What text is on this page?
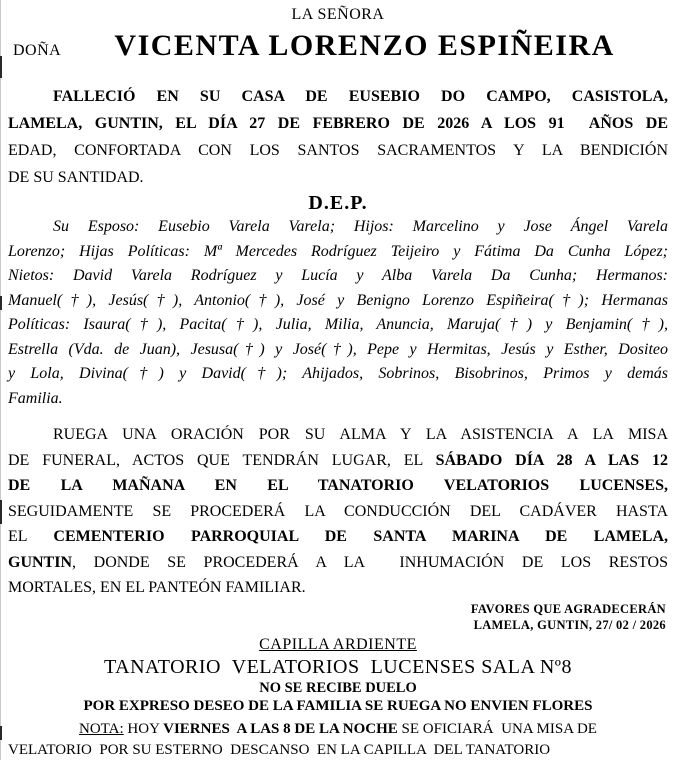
LA SEÑORA
DOÑA	VICENTA LORENZO ESPIÑEIRA
FALLECIÓ EN SU CASA DE EUSEBIO DO CAMPO, CASISTOLA,
LAMELA, GUNTIN, EL DÍA 27 DE FEBRERO DE 2026 A LOS 91  AÑOS DE
EDAD, CONFORTADA CON LOS SANTOS SACRAMENTOS Y LA BENDICIÓN
DE SU SANTIDAD.
D.E.P.
Su Esposo: Eusebio Varela Varela; Hijos: Marcelino y Jose Ángel Varela
Lorenzo; Hijas Políticas: Mª Mercedes Rodríguez Teijeiro y Fátima Da Cunha López;
Nietos: David Varela Rodríguez y Lucía y Alba Varela Da Cunha; Hermanos:
Manuel(†), Jesús(†), Antonio(†), José y Benigno Lorenzo Espiñeira(†); Hermanas
Políticas: Isaura(†), Pacita(†), Julia, Milia, Anuncia, Maruja(†) y Benjamin(†),
Estrella (Vda. de Juan), Jesusa(†) y José(†), Pepe y Hermitas, Jesús y Esther, Dositeo
y Lola, Divina(†) y David(†); Ahijados, Sobrinos, Bisobrinos, Primos y demás
Familia.
RUEGA UNA ORACIÓN POR SU ALMA Y LA ASISTENCIA A LA MISA
DE FUNERAL, ACTOS QUE TENDRÁN LUGAR, EL SÁBADO DÍA 28 A LAS 12
DE LA MAÑANA EN EL TANATORIO VELATORIOS LUCENSES,
SEGUIDAMENTE SE PROCEDERÁ LA CONDUCCIÓN DEL CADÁVER HASTA
EL CEMENTERIO PARROQUIAL DE SANTA MARINA DE LAMELA,
GUNTIN, DONDE SE PROCEDERÁ A LA  INHUMACIÓN DE LOS RESTOS
MORTALES, EN EL PANTEÓN FAMILIAR.
FAVORES QUE AGRADECERÁN
LAMELA, GUNTIN, 27/ 02 / 2026
CAPILLA ARDIENTE
TANATORIO  VELATORIOS  LUCENSES SALA Nº8
NO SE RECIBE DUELO
POR EXPRESO DESEO DE LA FAMILIA SE RUEGA NO ENVIEN FLORES
NOTA: HOY VIERNES  A LAS 8 DE LA NOCHE SE OFICIARÁ  UNA MISA DE
VELATORIO  POR SU ESTERNO  DESCANSO  EN LA CAPILLA  DEL TANATORIO
